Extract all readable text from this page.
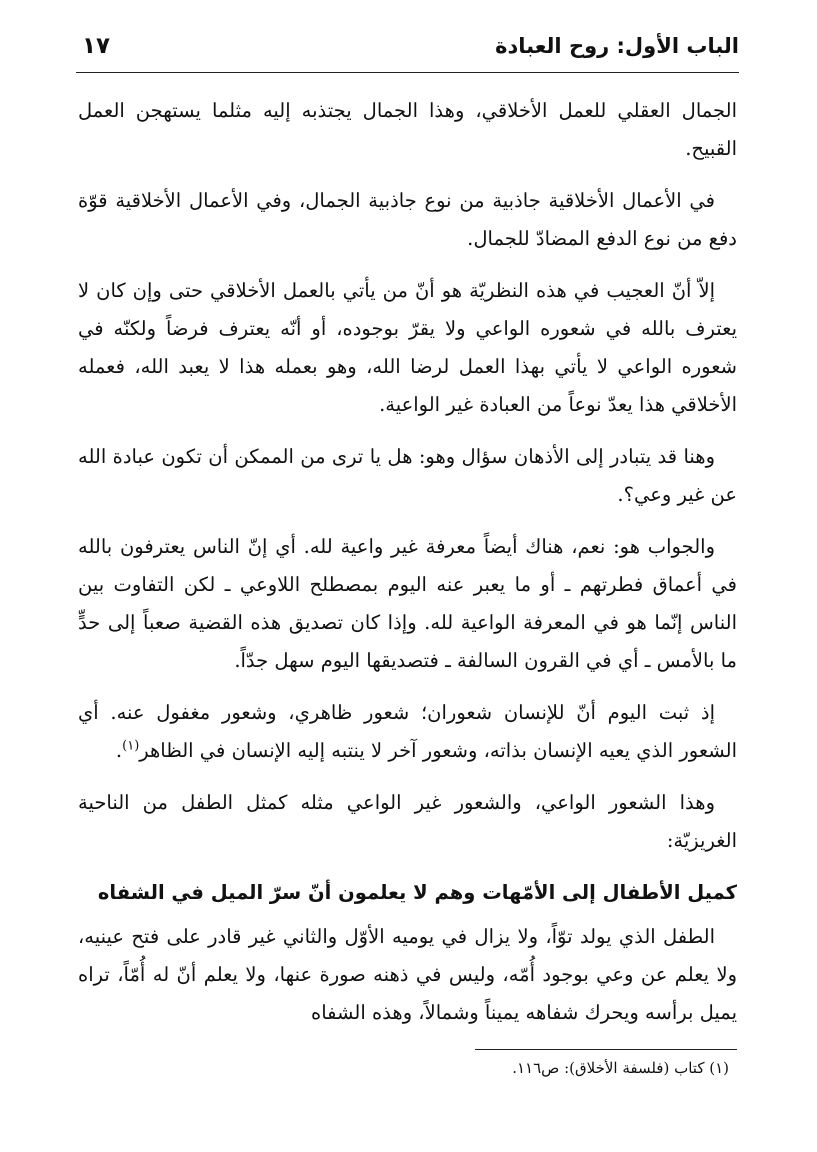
الباب الأول: روح العبادة
١٧

الجمال العقلي للعمل الأخلاقي، وهذا الجمال يجتذبه إليه مثلما يستهجن العمل القبيح.

في الأعمال الأخلاقية جاذبية من نوع جاذبية الجمال، وفي الأعمال الأخلاقية قوّة دفع من نوع الدفع المضادّ للجمال.

إلاّ أنّ العجيب في هذه النظريّة هو أنّ من يأتي بالعمل الأخلاقي حتى وإن كان لا يعترف بالله في شعوره الواعي ولا يقرّ بوجوده، أو أنّه يعترف فرضاً ولكنّه في شعوره الواعي لا يأتي بهذا العمل لرضا الله، وهو بعمله هذا لا يعبد الله، فعمله الأخلاقي هذا يعدّ نوعاً من العبادة غير الواعية.

وهنا قد يتبادر إلى الأذهان سؤال وهو: هل يا ترى من الممكن أن تكون عبادة الله عن غير وعي؟.

والجواب هو: نعم، هناك أيضاً معرفة غير واعية لله. أي إنّ الناس يعترفون بالله في أعماق فطرتهم ـ أو ما يعبر عنه اليوم بمصطلح اللاوعي ـ لكن التفاوت بين الناس إنّما هو في المعرفة الواعية لله. وإذا كان تصديق هذه القضية صعباً إلى حدٍّ ما بالأمس ـ أي في القرون السالفة ـ فتصديقها اليوم سهل جدّاً.

إذ ثبت اليوم أنّ للإنسان شعوران؛ شعور ظاهري، وشعور مغفول عنه. أي الشعور الذي يعيه الإنسان بذاته، وشعور آخر لا ينتبه إليه الإنسان في الظاهر$^{(١)}$.

وهذا الشعور الواعي، والشعور غير الواعي مثله كمثل الطفل من الناحية الغريزيّة:

كميل الأطفال إلى الأمّهات وهم لا يعلمون أنّ سرّ الميل في الشفاه

الطفل الذي يولد توّاً، ولا يزال في يوميه الأوّل والثاني غير قادر على فتح عينيه، ولا يعلم عن وعي بوجود أُمّه، وليس في ذهنه صورة عنها، ولا يعلم أنّ له أُمّاً، تراه يميل برأسه ويحرك شفاهه يميناً وشمالاً، وهذه الشفاه

(١) كتاب (فلسفة الأخلاق): ص١١٦.
